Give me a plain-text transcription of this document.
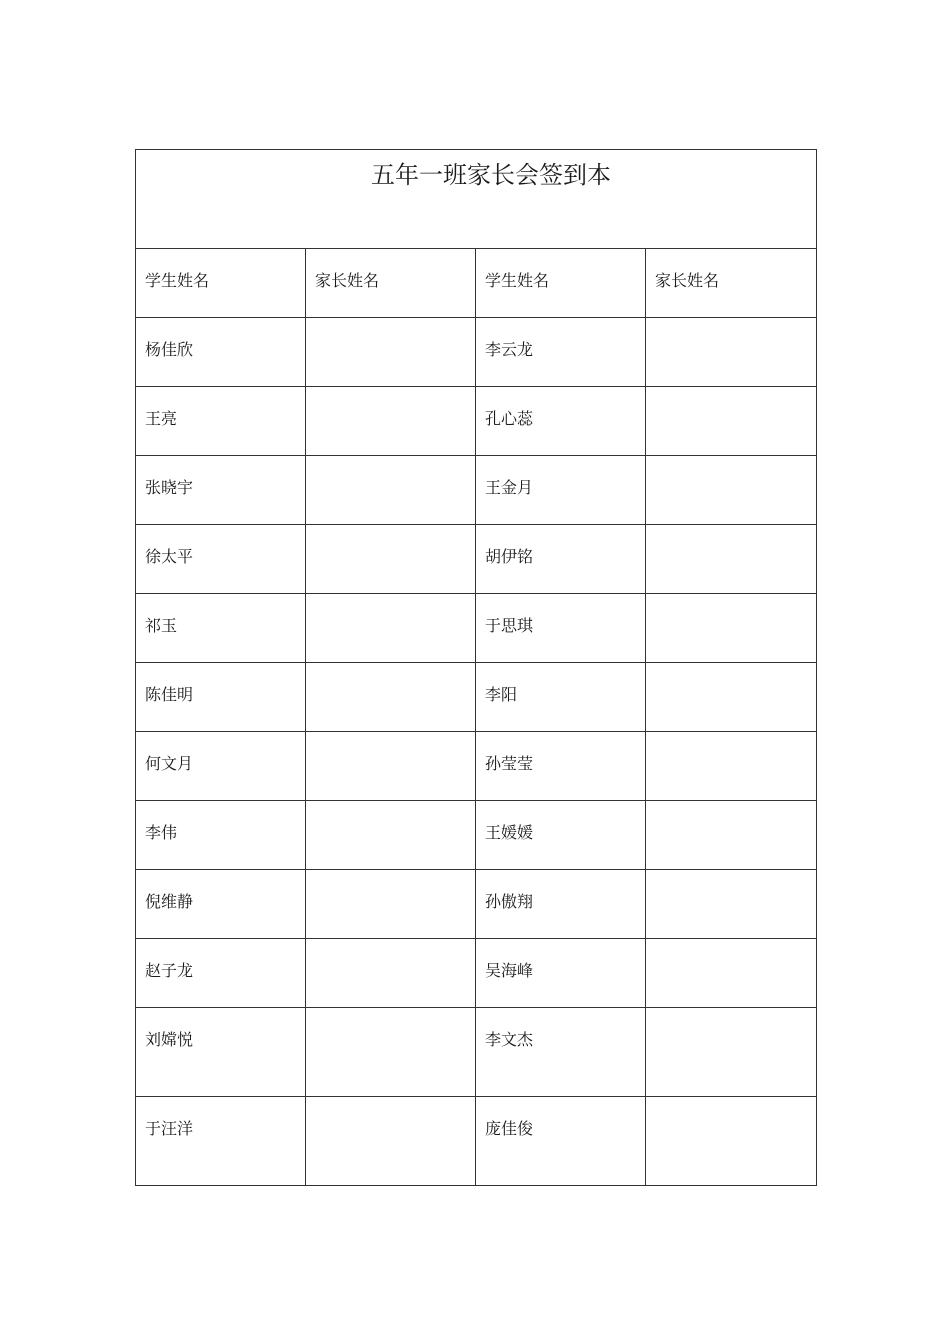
五年一班家长会签到本			
学生姓名	家长姓名	学生姓名	家长姓名
杨佳欣		李云龙	
王亮		孔心蕊	
张晓宇		王金月	
徐太平		胡伊铭	
祁玉		于思琪	
陈佳明		李阳	
何文月		孙莹莹	
李伟		王媛媛	
倪维静		孙傲翔	
赵子龙		吴海峰	
刘嫦悦		李文杰	
于汪洋		庞佳俊	
